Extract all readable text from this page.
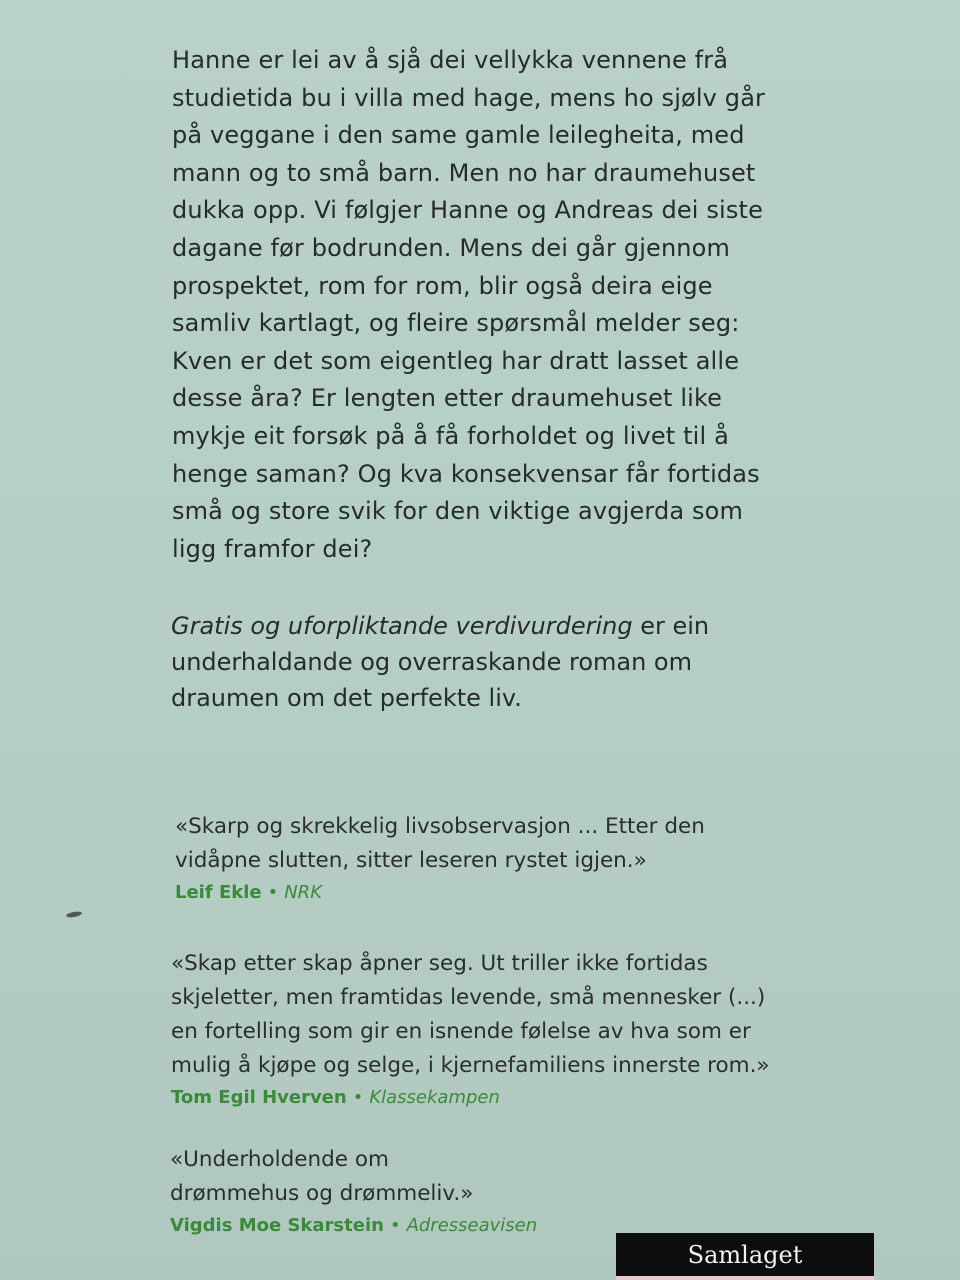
Hanne er lei av å sjå dei vellykka vennene frå
studietida bu i villa med hage, mens ho sjølv går
på veggane i den same gamle leilegheita, med
mann og to små barn. Men no har draumehuset
dukka opp. Vi følgjer Hanne og Andreas dei siste
dagane før bodrunden. Mens dei går gjennom
prospektet, rom for rom, blir også deira eige
samliv kartlagt, og fleire spørsmål melder seg:
Kven er det som eigentleg har dratt lasset alle
desse åra? Er lengten etter draumehuset like
mykje eit forsøk på å få forholdet og livet til å
henge saman? Og kva konsekvensar får fortidas
små og store svik for den viktige avgjerda som
ligg framfor dei?

Gratis og uforpliktande verdivurdering er ein
underhaldande og overraskande roman om
draumen om det perfekte liv.
«Skarp og skrekkelig livsobservasjon ... Etter den
vidåpne slutten, sitter leseren rystet igjen.»
Leif Ekle • NRK
«Skap etter skap åpner seg. Ut triller ikke fortidas
skjeletter, men framtidas levende, små mennesker (...)
en fortelling som gir en isnende følelse av hva som er
mulig å kjøpe og selge, i kjernefamiliens innerste rom.»
Tom Egil Hverven • Klassekampen
«Underholdende om
drømmehus og drømmeliv.»
Vigdis Moe Skarstein • Adresseavisen
Samlaget
